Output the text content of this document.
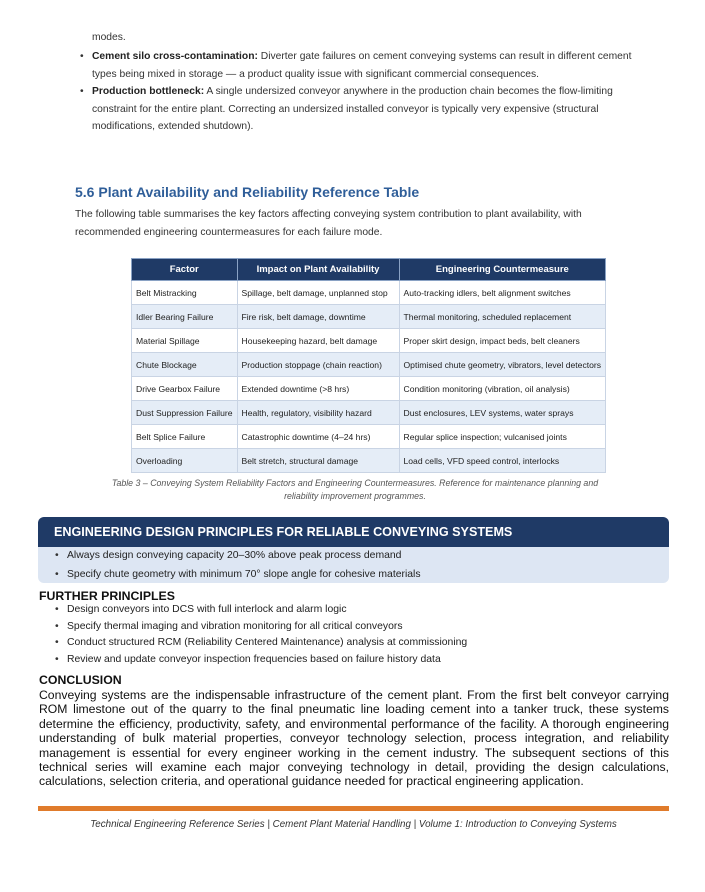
modes.
• Cement silo cross-contamination: Diverter gate failures on cement conveying systems can result in different cement types being mixed in storage — a product quality issue with significant commercial consequences.
• Production bottleneck: A single undersized conveyor anywhere in the production chain becomes the flow-limiting constraint for the entire plant. Correcting an undersized installed conveyor is typically very expensive (structural modifications, extended shutdown).
5.6 Plant Availability and Reliability Reference Table
The following table summarises the key factors affecting conveying system contribution to plant availability, with recommended engineering countermeasures for each failure mode.
Factor	Impact on Plant Availability	Engineering Countermeasure
Belt Mistracking	Spillage, belt damage, unplanned stop	Auto-tracking idlers, belt alignment switches
Idler Bearing Failure	Fire risk, belt damage, downtime	Thermal monitoring, scheduled replacement
Material Spillage	Housekeeping hazard, belt damage	Proper skirt design, impact beds, belt cleaners
Chute Blockage	Production stoppage (chain reaction)	Optimised chute geometry, vibrators, level detectors
Drive Gearbox Failure	Extended downtime (>8 hrs)	Condition monitoring (vibration, oil analysis)
Dust Suppression Failure	Health, regulatory, visibility hazard	Dust enclosures, LEV systems, water sprays
Belt Splice Failure	Catastrophic downtime (4–24 hrs)	Regular splice inspection; vulcanised joints
Overloading	Belt stretch, structural damage	Load cells, VFD speed control, interlocks
Table 3 – Conveying System Reliability Factors and Engineering Countermeasures. Reference for maintenance planning and
reliability improvement programmes.
ENGINEERING DESIGN PRINCIPLES FOR RELIABLE CONVEYING SYSTEMS
• Always design conveying capacity 20–30% above peak process demand
• Specify chute geometry with minimum 70° slope angle for cohesive materials
FURTHER PRINCIPLES
• Design conveyors into DCS with full interlock and alarm logic
• Specify thermal imaging and vibration monitoring for all critical conveyors
• Conduct structured RCM (Reliability Centered Maintenance) analysis at commissioning
• Review and update conveyor inspection frequencies based on failure history data
CONCLUSION
Conveying systems are the indispensable infrastructure of the cement plant. From the first belt conveyor carrying ROM limestone out of the quarry to the final pneumatic line loading cement into a tanker truck, these systems determine the efficiency, productivity, safety, and environmental performance of the facility. A thorough engineering understanding of bulk material properties, conveyor technology selection, process integration, and reliability management is essential for every engineer working in the cement industry. The subsequent sections of this technical series will examine each major conveying technology in detail, providing the design calculations, calculations, selection criteria, and operational guidance needed for practical engineering application.
Technical Engineering Reference Series | Cement Plant Material Handling | Volume 1: Introduction to Conveying Systems
